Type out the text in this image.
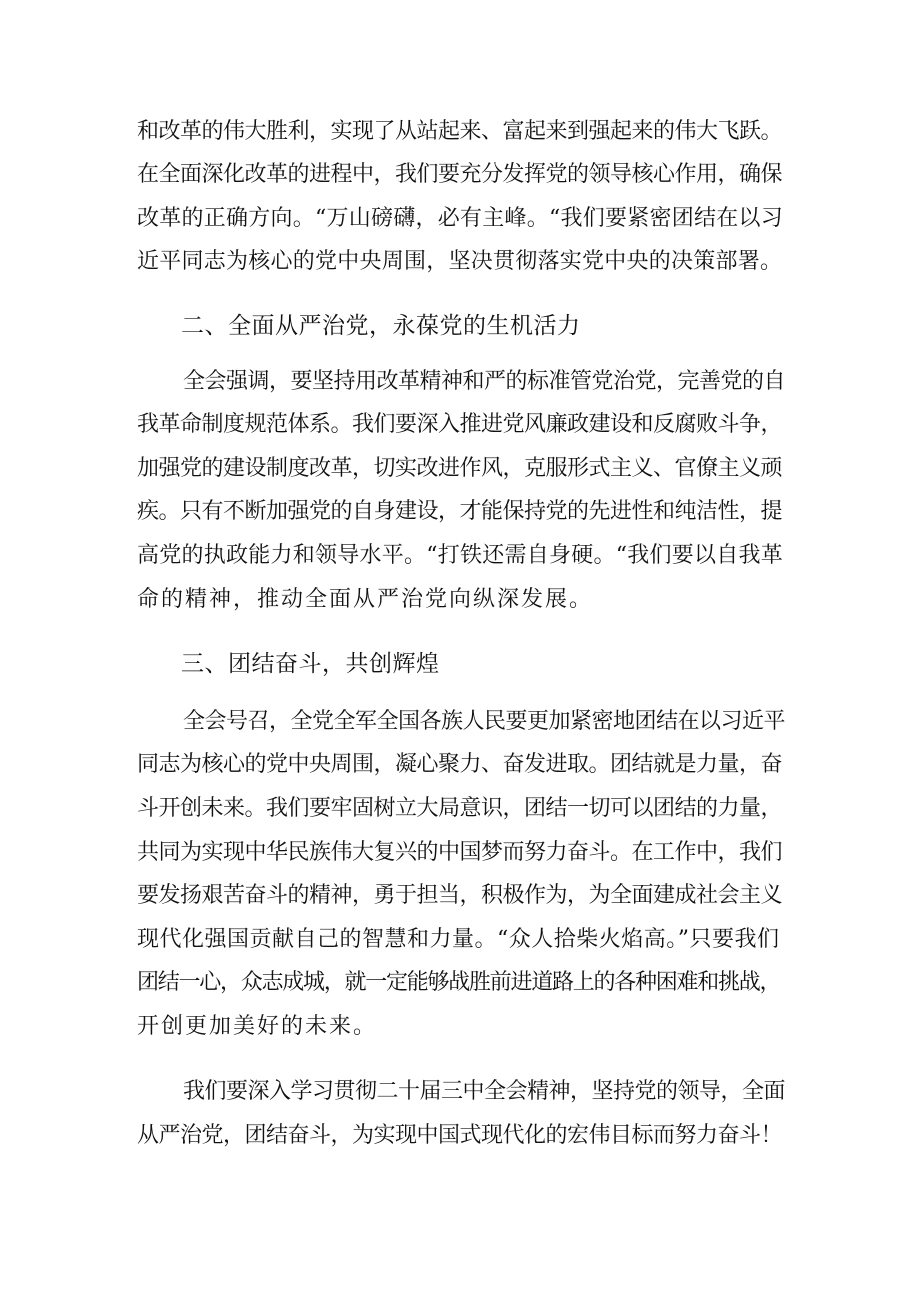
和改革的伟大胜利，实现了从站起来、富起来到强起来的伟大飞跃。
在全面深化改革的进程中，我们要充分发挥党的领导核心作用，确保
改革的正确方向。“万山磅礴，必有主峰。“我们要紧密团结在以习
近平同志为核心的党中央周围，坚决贯彻落实党中央的决策部署。
二、全面从严治党，永葆党的生机活力
全会强调，要坚持用改革精神和严的标准管党治党，完善党的自
我革命制度规范体系。我们要深入推进党风廉政建设和反腐败斗争，
加强党的建设制度改革，切实改进作风，克服形式主义、官僚主义顽
疾。只有不断加强党的自身建设，才能保持党的先进性和纯洁性，提
高党的执政能力和领导水平。“打铁还需自身硬。“我们要以自我革
命的精神，推动全面从严治党向纵深发展。
三、团结奋斗，共创辉煌
全会号召，全党全军全国各族人民要更加紧密地团结在以习近平
同志为核心的党中央周围，凝心聚力、奋发进取。团结就是力量，奋
斗开创未来。我们要牢固树立大局意识，团结一切可以团结的力量，
共同为实现中华民族伟大复兴的中国梦而努力奋斗。在工作中，我们
要发扬艰苦奋斗的精神，勇于担当，积极作为，为全面建成社会主义
现代化强国贡献自己的智慧和力量。“众人拾柴火焰高。”只要我们
团结一心，众志成城，就一定能够战胜前进道路上的各种困难和挑战，
开创更加美好的未来。
我们要深入学习贯彻二十届三中全会精神，坚持党的领导，全面
从严治党，团结奋斗，为实现中国式现代化的宏伟目标而努力奋斗！
